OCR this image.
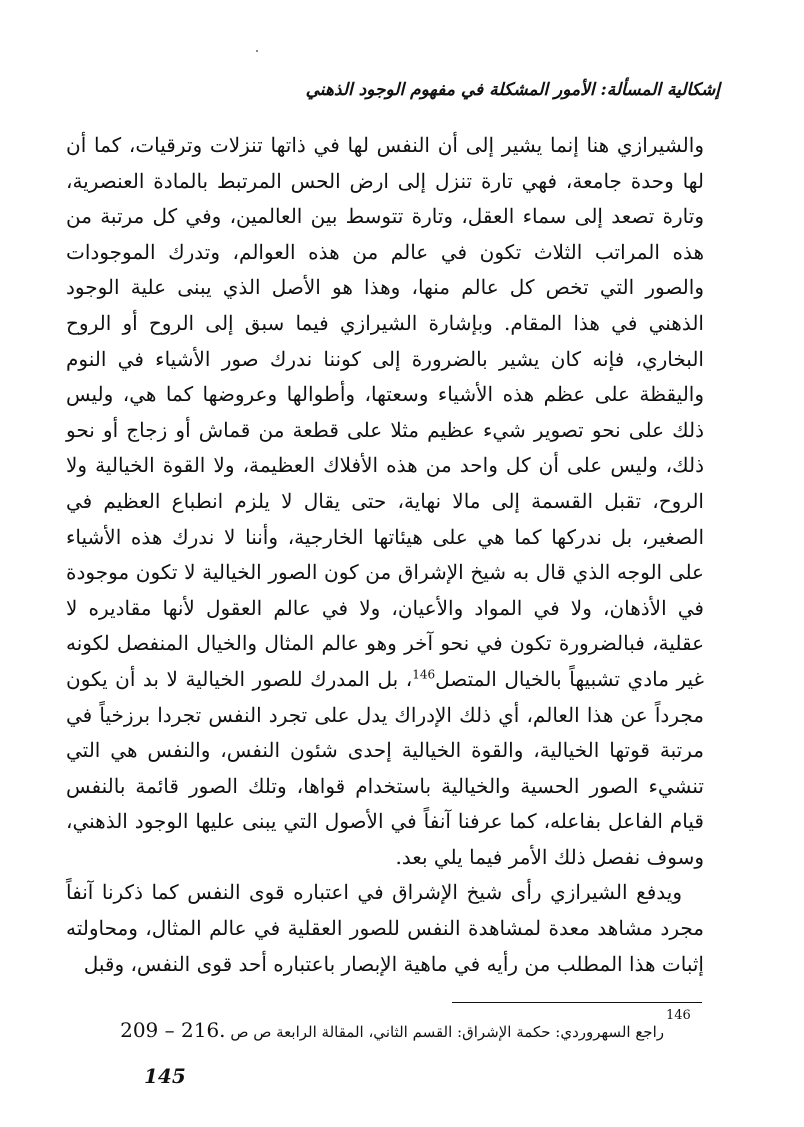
إشكالية المسألة: الأمور المشكلة في مفهوم الوجود الذهني

والشيرازي هنا إنما يشير إلى أن النفس لها في ذاتها تنزلات وترقيات، كما أن لها وحدة جامعة، فهي تارة تنزل إلى ارض الحس المرتبط بالمادة العنصرية، وتارة تصعد إلى سماء العقل، وتارة تتوسط بين العالمين، وفي كل مرتبة من هذه المراتب الثلاث تكون في عالم من هذه العوالم، وتدرك الموجودات والصور التي تخص كل عالم منها، وهذا هو الأصل الذي يبنى علية الوجود الذهني في هذا المقام. وبإشارة الشيرازي فيما سبق إلى الروح أو الروح البخاري، فإنه كان يشير بالضرورة إلى كوننا ندرك صور الأشياء في النوم واليقظة على عظم هذه الأشياء وسعتها، وأطوالها وعروضها كما هي، وليس ذلك على نحو تصوير شيء عظيم مثلا على قطعة من قماش أو زجاج أو نحو ذلك، وليس على أن كل واحد من هذه الأفلاك العظيمة، ولا القوة الخيالية ولا الروح، تقبل القسمة إلى مالا نهاية، حتى يقال لا يلزم انطباع العظيم في الصغير، بل ندركها كما هي على هيئاتها الخارجية، وأننا لا ندرك هذه الأشياء على الوجه الذي قال به شيخ الإشراق من كون الصور الخيالية لا تكون موجودة في الأذهان، ولا في المواد والأعيان، ولا في عالم العقول لأنها مقاديره لا عقلية، فبالضرورة تكون في نحو آخر وهو عالم المثال والخيال المنفصل لكونه غير مادي تشبيهاً بالخيال المتصل$^{146}$، بل المدرك للصور الخيالية لا بد أن يكون مجرداً عن هذا العالم، أي ذلك الإدراك يدل على تجرد النفس تجردا برزخياً في مرتبة قوتها الخيالية، والقوة الخيالية إحدى شئون النفس، والنفس هي التي تنشيء الصور الحسية والخيالية باستخدام قواها، وتلك الصور قائمة بالنفس قيام الفاعل بفاعله، كما عرفنا آنفاً في الأصول التي يبنى عليها الوجود الذهني، وسوف نفصل ذلك الأمر فيما يلي بعد.

ويدفع الشيرازي رأى شيخ الإشراق في اعتباره قوى النفس كما ذكرنا آنفاً مجرد مشاهد معدة لمشاهدة النفس للصور العقلية في عالم المثال، ومحاولته إثبات هذا المطلب من رأيه في ماهية الإبصار باعتباره أحد قوى النفس، وقبل

146
راجع السهروردي: حكمة الإشراق: القسم الثاني، المقالة الرابعة ص ص 209 – 216.
145
